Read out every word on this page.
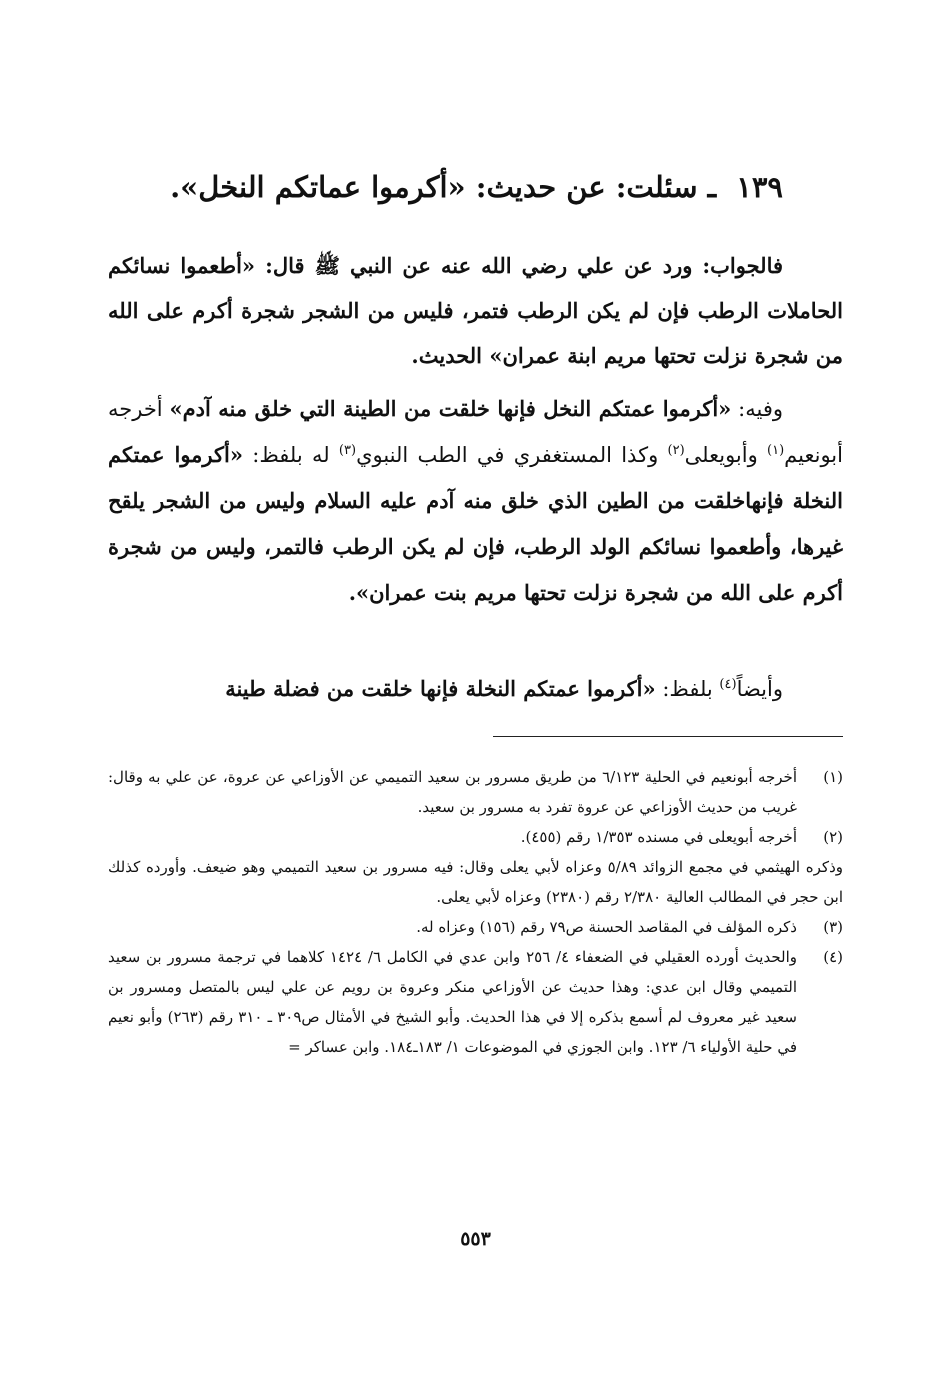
١٣٩ ـ سئلت: عن حديث: «أكرموا عماتكم النخل».
فالجواب: ورد عن علي رضي الله عنه عن النبي ﷺ قال: «أطعموا نسائكم الحاملات الرطب فإن لم يكن الرطب فتمر، فليس من الشجر شجرة أكرم على الله من شجرة نزلت تحتها مريم ابنة عمران» الحديث.
وفيه: «أكرموا عمتكم النخل فإنها خلقت من الطينة التي خلق منه آدم» أخرجه أبونعيم$^{(١)}$ وأبويعلى$^{(٢)}$ وكذا المستغفري في الطب النبوي$^{(٣)}$ له بلفظ: «أكرموا عمتكم النخلة فإنهاخلقت من الطين الذي خلق منه آدم عليه السلام وليس من الشجر يلقح غيرها، وأطعموا نسائكم الولد الرطب، فإن لم يكن الرطب فالتمر، وليس من شجرة أكرم على الله من شجرة نزلت تحتها مريم بنت عمران».
وأيضاً$^{(٤)}$ بلفظ: «أكرموا عمتكم النخلة فإنها خلقت من فضلة طينة
(١)
أخرجه أبونعيم في الحلية ٦/١٢٣ من طريق مسرور بن سعيد التميمي عن الأوزاعي عن عروة، عن علي به وقال: غريب من حديث الأوزاعي عن عروة تفرد به مسرور بن سعيد.
(٢)
أخرجه أبويعلى في مسنده ١/٣٥٣ رقم (٤٥٥).
وذكره الهيثمي في مجمع الزوائد ٥/٨٩ وعزاه لأبي يعلى وقال: فيه مسرور بن سعيد التميمي وهو ضيعف. وأورده كذلك ابن حجر في المطالب العالية ٢/٣٨٠ رقم (٢٣٨٠) وعزاه لأبي يعلى.
(٣)
ذكره المؤلف في المقاصد الحسنة ص٧٩ رقم (١٥٦) وعزاه له.
(٤)
والحديث أورده العقيلي في الضعفاء ٤/ ٢٥٦ وابن عدي في الكامل ٦/ ١٤٢٤ كلاهما في ترجمة مسرور بن سعيد التميمي وقال ابن عدي: وهذا حديث عن الأوزاعي منكر وعروة بن رويم عن علي ليس بالمتصل ومسرور بن سعيد غير معروف لم أسمع بذكره إلا في هذا الحديث. وأبو الشيخ في الأمثال ص٣٠٩ ـ ٣١٠ رقم (٢٦٣) وأبو نعيم في حلية الأولياء ٦/ ١٢٣. وابن الجوزي في الموضوعات ١/ ١٨٣ـ١٨٤. وابن عساكر =
٥٥٣
